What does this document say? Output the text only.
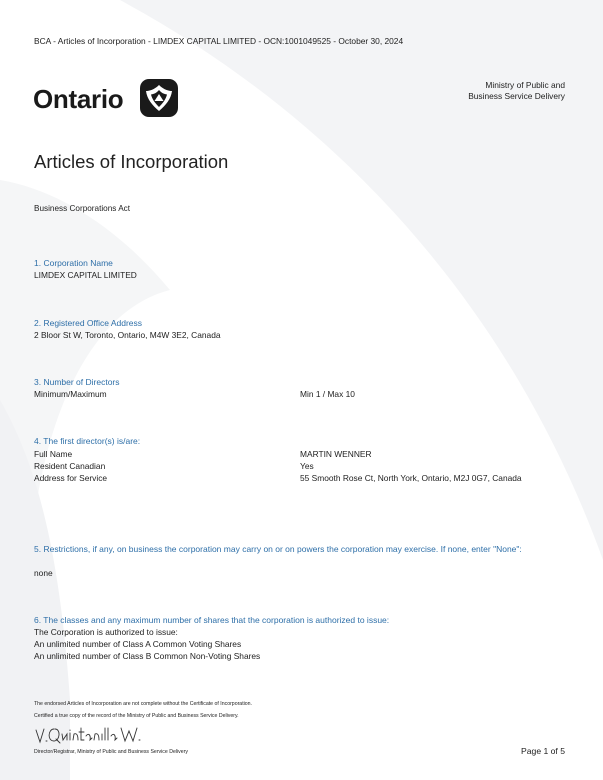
BCA - Articles of Incorporation - LIMDEX CAPITAL LIMITED - OCN:1001049525 - October 30, 2024
Ontario	Ministry of Public and
Business Service Delivery
Articles of Incorporation
Business Corporations Act
1. Corporation Name
LIMDEX CAPITAL LIMITED
2. Registered Office Address
2 Bloor St W, Toronto, Ontario, M4W 3E2, Canada
3. Number of Directors
Minimum/Maximum	Min 1 / Max 10
4. The first director(s) is/are:
Full Name	MARTIN WENNER
Resident Canadian	Yes
Address for Service	55 Smooth Rose Ct, North York, Ontario, M2J 0G7, Canada
5. Restrictions, if any, on business the corporation may carry on or on powers the corporation may exercise. If none, enter "None":
none
6. The classes and any maximum number of shares that the corporation is authorized to issue:
The Corporation is authorized to issue:
An unlimited number of Class A Common Voting Shares
An unlimited number of Class B Common Non-Voting Shares
The endorsed Articles of Incorporation are not complete without the Certificate of Incorporation.
Certified a true copy of the record of the Ministry of Public and Business Service Delivery.
Director/Registrar, Ministry of Public and Business Service Delivery	Page 1 of 5
